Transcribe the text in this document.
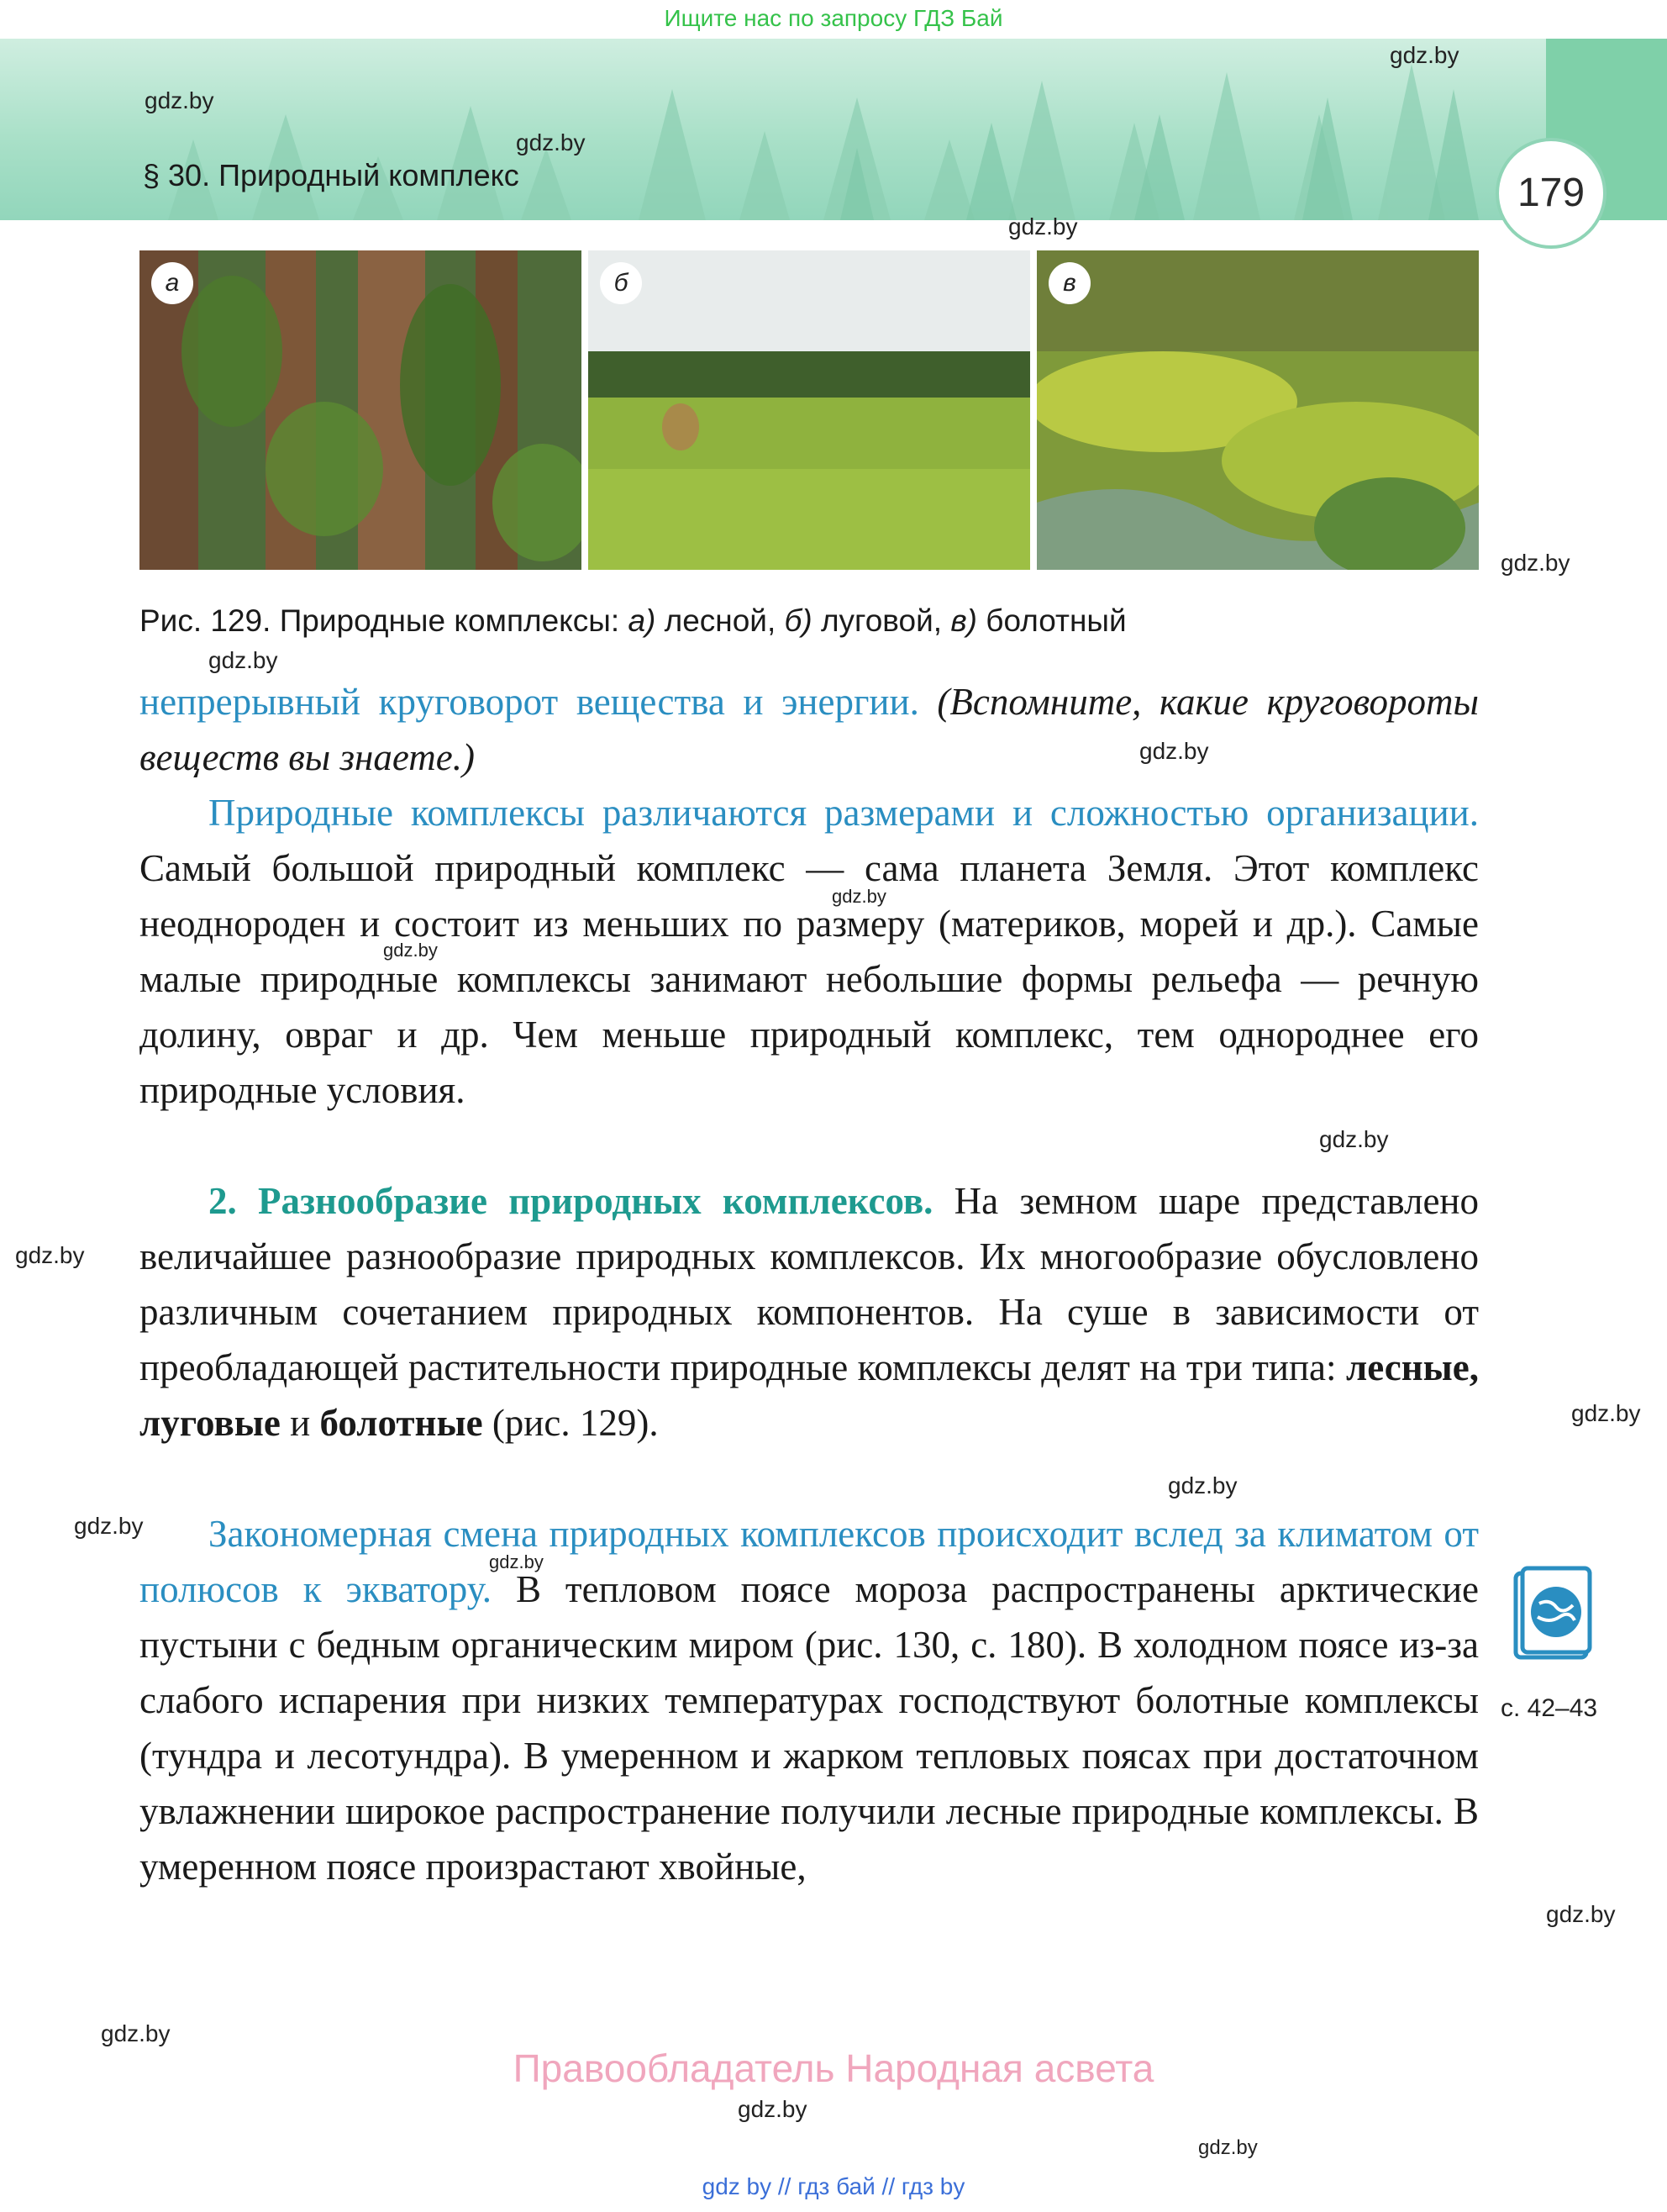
Ищите нас по запросу ГДЗ Бай
§ 30. Природный комплекс	179
gdz.by
gdz.by
gdz.by
gdz.by
gdz.by
gdz.by
gdz.by
gdz.by
gdz.by
gdz.by
gdz.by
gdz.by
gdz.by
gdz.by
gdz.by
gdz.by
gdz.by
gdz.by
gdz.by
а	б	в
Рис. 129. Природные комплексы: а) лесной, б) луговой, в) болотный
непрерывный круговорот вещества и энергии. (Вспомните, какие круговороты веществ вы знаете.)
Природные комплексы различаются размерами и сложностью организации. Самый большой природный комплекс — сама планета Земля. Этот комплекс неоднороден и состоит из меньших по размеру (материков, морей и др.). Самые малые природные комплексы занимают небольшие формы рельефа — речную долину, овраг и др. Чем меньше природный комплекс, тем однороднее его природные условия.
2. Разнообразие природных комплексов. На земном шаре представлено величайшее разнообразие природных комплексов. Их многообразие обусловлено различным сочетанием природных компонентов. На суше в зависимости от преобладающей растительности природные комплексы делят на три типа: лесные, луговые и болотные (рис. 129).
Закономерная смена природных комплексов происходит вслед за климатом от полюсов к экватору. В тепловом поясе мороза распространены арктические пустыни с бедным органическим миром (рис. 130, с. 180). В холодном поясе из-за слабого испарения при низких температурах господствуют болотные комплексы (тундра и лесотундра). В умеренном и жарком тепловых поясах при достаточном увлажнении широкое распространение получили лесные природные комплексы. В умеренном поясе произрастают хвойные,
с. 42–43
Правообладатель Народная асвета
gdz by // гдз бай // гдз by
